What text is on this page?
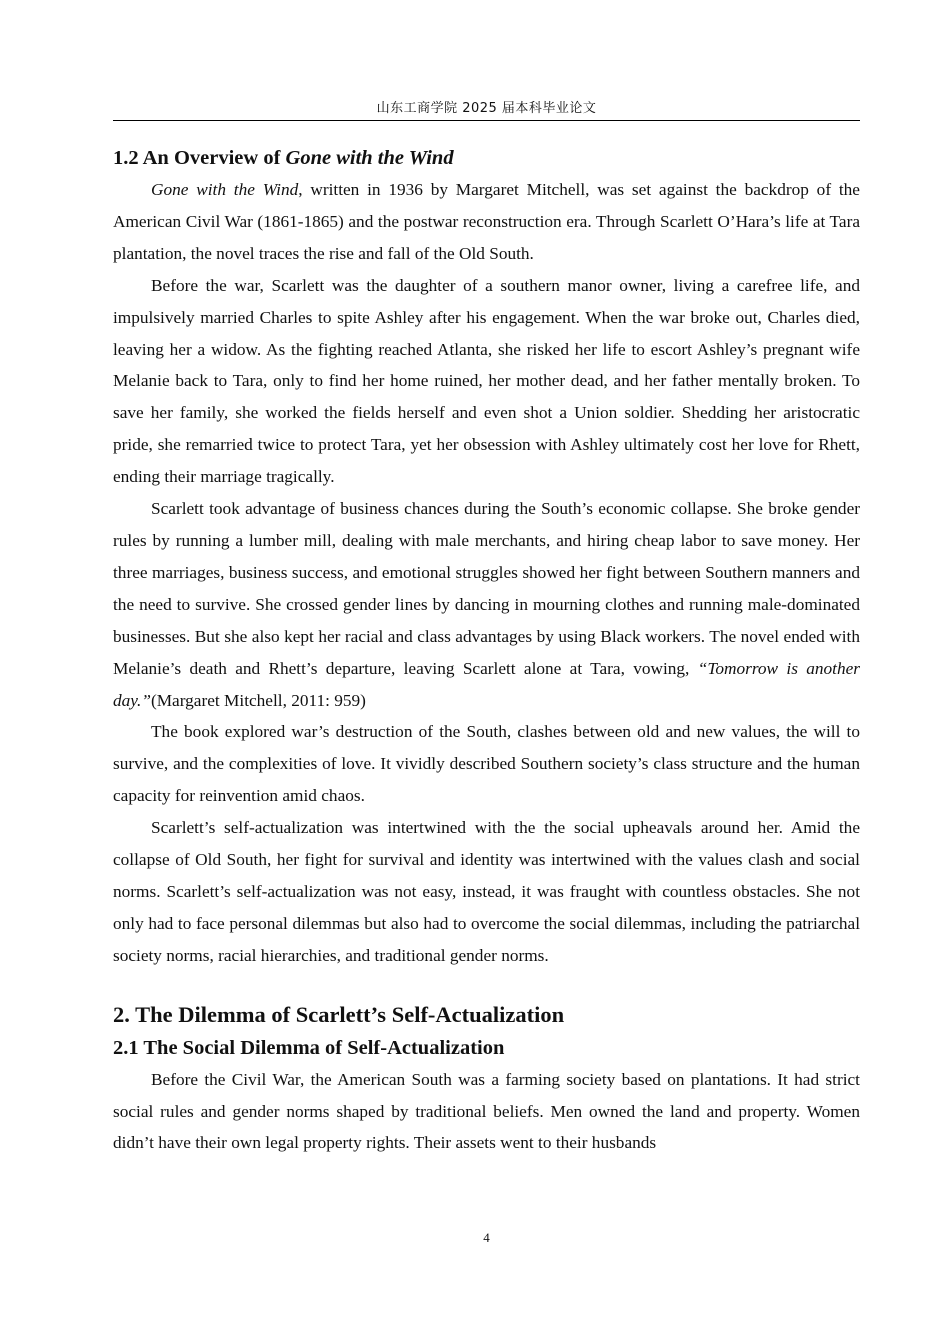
山东工商学院 2025 届本科毕业论文
1.2 An Overview of Gone with the Wind

Gone with the Wind, written in 1936 by Margaret Mitchell, was set against the backdrop of the American Civil War (1861-1865) and the postwar reconstruction era. Through Scarlett O’Hara’s life at Tara plantation, the novel traces the rise and fall of the Old South.

Before the war, Scarlett was the daughter of a southern manor owner, living a carefree life, and impulsively married Charles to spite Ashley after his engagement. When the war broke out, Charles died, leaving her a widow. As the fighting reached Atlanta, she risked her life to escort Ashley’s pregnant wife Melanie back to Tara, only to find her home ruined, her mother dead, and her father mentally broken. To save her family, she worked the fields herself and even shot a Union soldier. Shedding her aristocratic pride, she remarried twice to protect Tara, yet her obsession with Ashley ultimately cost her love for Rhett, ending their marriage tragically.

Scarlett took advantage of business chances during the South’s economic collapse. She broke gender rules by running a lumber mill, dealing with male merchants, and hiring cheap labor to save money. Her three marriages, business success, and emotional struggles showed her fight between Southern manners and the need to survive. She crossed gender lines by dancing in mourning clothes and running male-dominated businesses. But she also kept her racial and class advantages by using Black workers. The novel ended with Melanie’s death and Rhett’s departure, leaving Scarlett alone at Tara, vowing, “Tomorrow is another day.”(Margaret Mitchell, 2011: 959)

The book explored war’s destruction of the South, clashes between old and new values, the will to survive, and the complexities of love. It vividly described Southern society’s class structure and the human capacity for reinvention amid chaos.

Scarlett’s self-actualization was intertwined with the the social upheavals around her. Amid the collapse of Old South, her fight for survival and identity was intertwined with the values clash and social norms. Scarlett’s self-actualization was not easy, instead, it was fraught with countless obstacles. She not only had to face personal dilemmas but also had to overcome the social dilemmas, including the patriarchal society norms, racial hierarchies, and traditional gender norms.

2. The Dilemma of Scarlett’s Self-Actualization
2.1 The Social Dilemma of Self-Actualization

Before the Civil War, the American South was a farming society based on plantations. It had strict social rules and gender norms shaped by traditional beliefs. Men owned the land and property. Women didn’t have their own legal property rights. Their assets went to their husbands

4
